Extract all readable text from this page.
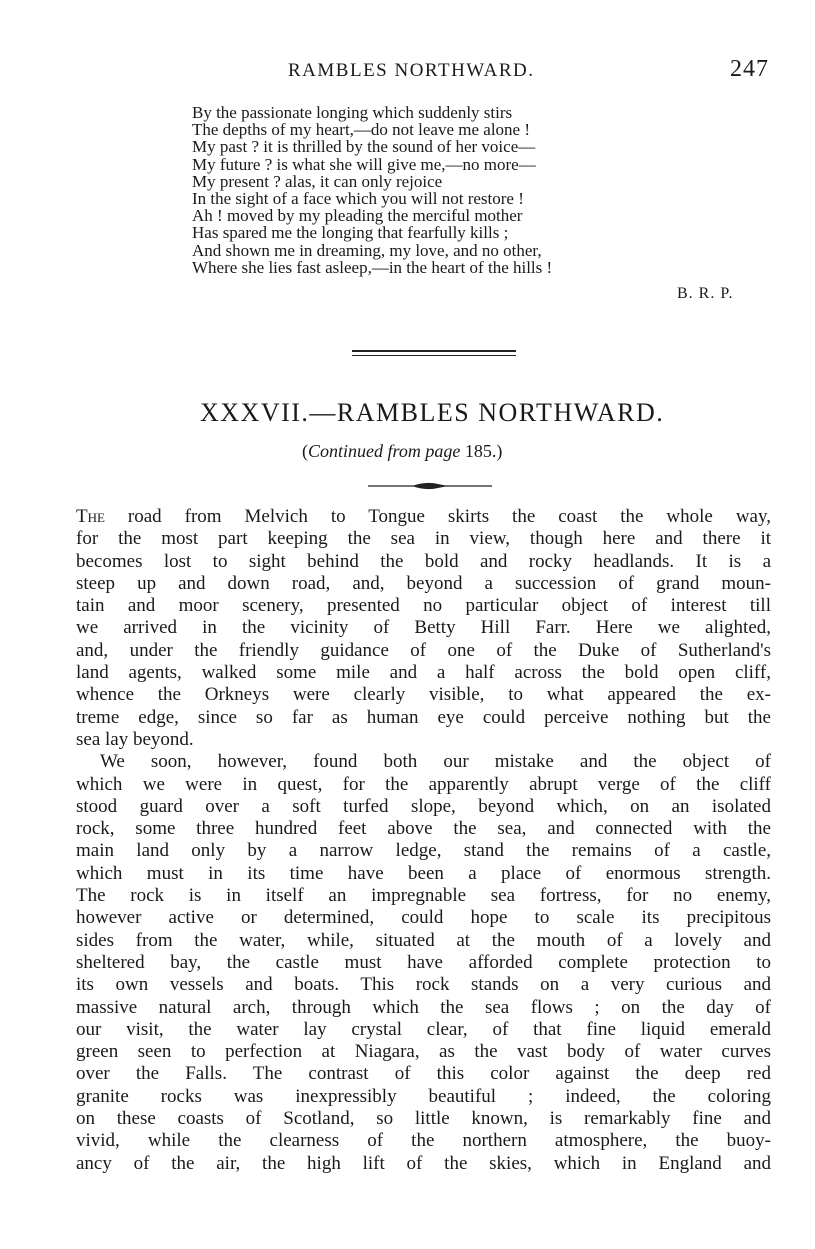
RAMBLES NORTHWARD.	247
By the passionate longing which suddenly stirs
The depths of my heart,—do not leave me alone !
My past ? it is thrilled by the sound of her voice—
My future ? is what she will give me,—no more—
My present ? alas, it can only rejoice
In the sight of a face which you will not restore !
Ah ! moved by my pleading the merciful mother
Has spared me the longing that fearfully kills ;
And shown me in dreaming, my love, and no other,
Where she lies fast asleep,—in the heart of the hills !
B. R. P.
XXXVII.—RAMBLES NORTHWARD.
(Continued from page 185.)
The road from Melvich to Tongue skirts the coast the whole way,
for the most part keeping the sea in view, though here and there it
becomes lost to sight behind the bold and rocky headlands. It is a
steep up and down road, and, beyond a succession of grand moun-
tain and moor scenery, presented no particular object of interest till
we arrived in the vicinity of Betty Hill Farr. Here we alighted,
and, under the friendly guidance of one of the Duke of Sutherland's
land agents, walked some mile and a half across the bold open cliff,
whence the Orkneys were clearly visible, to what appeared the ex-
treme edge, since so far as human eye could perceive nothing but the
sea lay beyond.
We soon, however, found both our mistake and the object of
which we were in quest, for the apparently abrupt verge of the cliff
stood guard over a soft turfed slope, beyond which, on an isolated
rock, some three hundred feet above the sea, and connected with the
main land only by a narrow ledge, stand the remains of a castle,
which must in its time have been a place of enormous strength.
The rock is in itself an impregnable sea fortress, for no enemy,
however active or determined, could hope to scale its precipitous
sides from the water, while, situated at the mouth of a lovely and
sheltered bay, the castle must have afforded complete protection to
its own vessels and boats. This rock stands on a very curious and
massive natural arch, through which the sea flows ; on the day of
our visit, the water lay crystal clear, of that fine liquid emerald
green seen to perfection at Niagara, as the vast body of water curves
over the Falls. The contrast of this color against the deep red
granite rocks was inexpressibly beautiful ; indeed, the coloring
on these coasts of Scotland, so little known, is remarkably fine and
vivid, while the clearness of the northern atmosphere, the buoy-
ancy of the air, the high lift of the skies, which in England and
